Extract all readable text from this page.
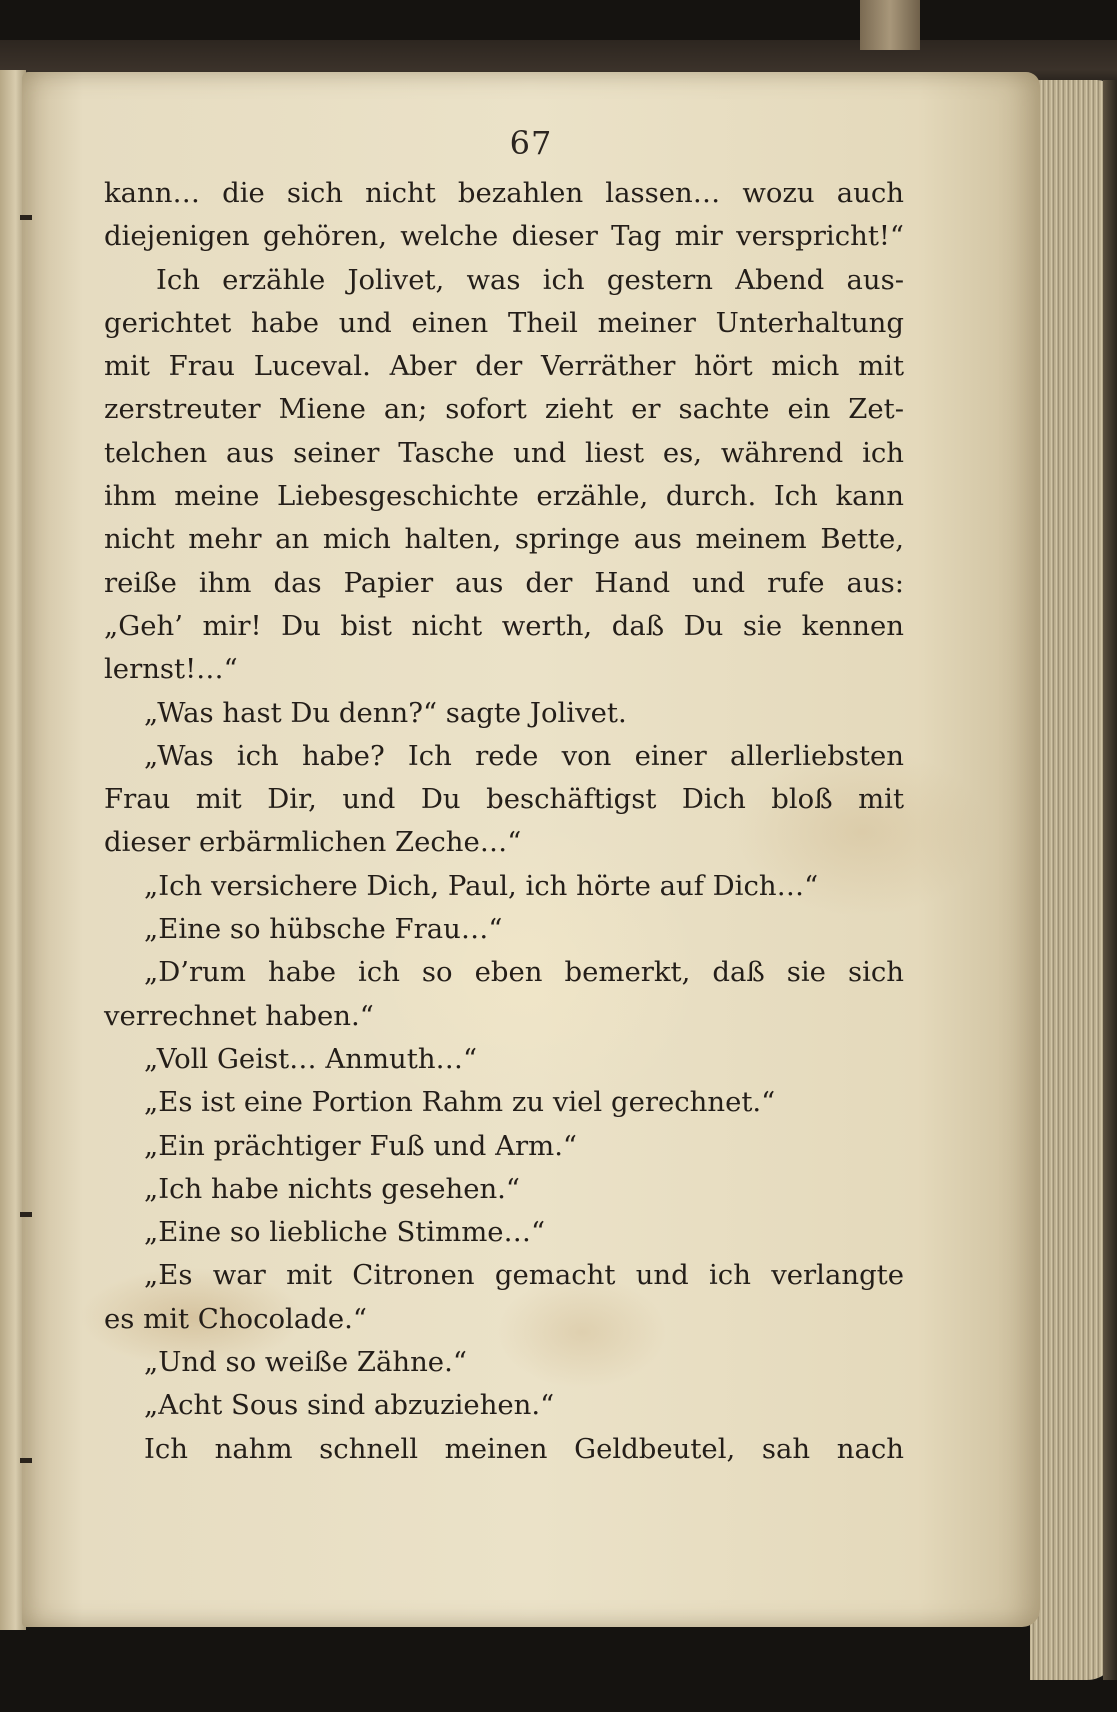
67

kann… die sich nicht bezahlen lassen… wozu auch

diejenigen gehören, welche dieser Tag mir verspricht!“

Ich erzähle Jolivet, was ich gestern Abend aus-

gerichtet habe und einen Theil meiner Unterhaltung

mit Frau Luceval. Aber der Verräther hört mich mit

zerstreuter Miene an; sofort zieht er sachte ein Zet-

telchen aus seiner Tasche und liest es, während ich

ihm meine Liebesgeschichte erzähle, durch. Ich kann

nicht mehr an mich halten, springe aus meinem Bette,

reiße ihm das Papier aus der Hand und rufe aus:

„Geh’ mir! Du bist nicht werth, daß Du sie kennen

lernst!…“

„Was hast Du denn?“ sagte Jolivet.

„Was ich habe? Ich rede von einer allerliebsten

Frau mit Dir, und Du beschäftigst Dich bloß mit

dieser erbärmlichen Zeche…“

„Ich versichere Dich, Paul, ich hörte auf Dich…“

„Eine so hübsche Frau…“

„D’rum habe ich so eben bemerkt, daß sie sich

verrechnet haben.“

„Voll Geist… Anmuth…“

„Es ist eine Portion Rahm zu viel gerechnet.“

„Ein prächtiger Fuß und Arm.“

„Ich habe nichts gesehen.“

„Eine so liebliche Stimme…“

„Es war mit Citronen gemacht und ich verlangte

es mit Chocolade.“

„Und so weiße Zähne.“

„Acht Sous sind abzuziehen.“

Ich nahm schnell meinen Geldbeutel, sah nach
